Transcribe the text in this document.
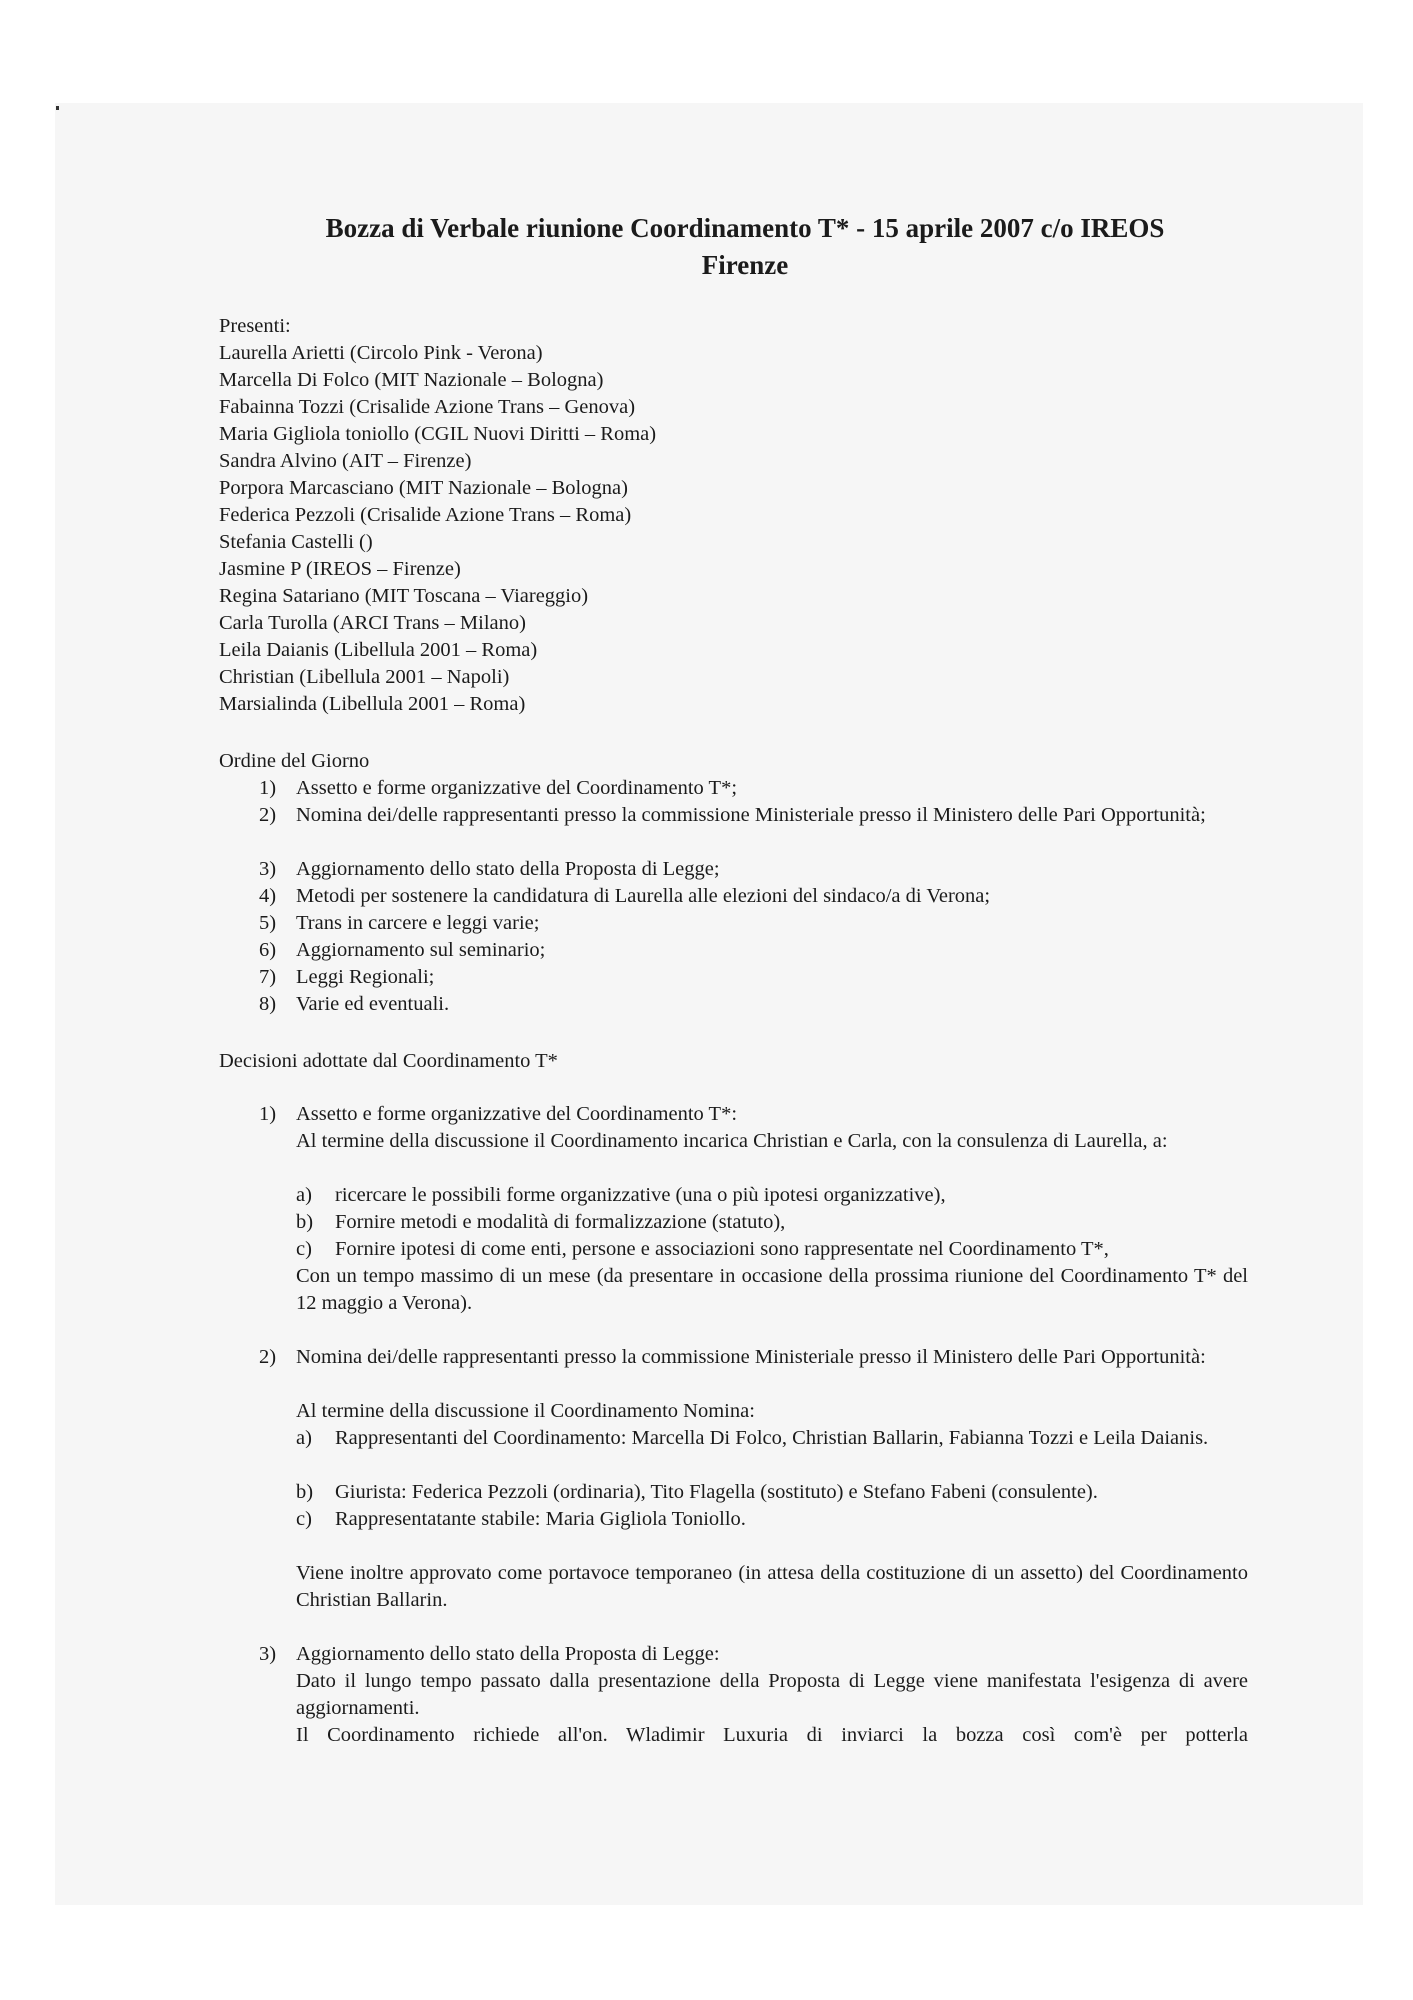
Bozza di Verbale riunione Coordinamento T* - 15 aprile 2007 c/o IREOS
Firenze

Presenti:

Laurella Arietti (Circolo Pink - Verona)

Marcella Di Folco (MIT Nazionale – Bologna)

Fabainna Tozzi (Crisalide Azione Trans – Genova)

Maria Gigliola toniollo (CGIL Nuovi Diritti – Roma)

Sandra Alvino (AIT – Firenze)

Porpora Marcasciano (MIT Nazionale – Bologna)

Federica Pezzoli (Crisalide Azione Trans – Roma)

Stefania Castelli ()

Jasmine P (IREOS – Firenze)

Regina Satariano (MIT Toscana – Viareggio)

Carla Turolla (ARCI Trans – Milano)

Leila Daianis (Libellula 2001 – Roma)

Christian (Libellula 2001 – Napoli)

Marsialinda (Libellula 2001 – Roma)

Ordine del Giorno

1) Assetto e forme organizzative del Coordinamento T*;

2) Nomina dei/delle rappresentanti presso la commissione Ministeriale presso il Ministero delle Pari Opportunità;

3) Aggiornamento dello stato della Proposta di Legge;

4) Metodi per sostenere la candidatura di Laurella alle elezioni del sindaco/a di Verona;

5) Trans in carcere e leggi varie;

6) Aggiornamento sul seminario;

7) Leggi Regionali;

8) Varie ed eventuali.

Decisioni adottate dal Coordinamento T*

1) Assetto e forme organizzative del Coordinamento T*:

Al termine della discussione il Coordinamento incarica Christian e Carla, con la consulenza di Laurella, a:

a) ricercare le possibili forme organizzative (una o più ipotesi organizzative),

b) Fornire metodi e modalità di formalizzazione (statuto),

c) Fornire ipotesi di come enti, persone e associazioni sono rappresentate nel Coordinamento T*,

Con un tempo massimo di un mese (da presentare in occasione della prossima riunione del Coordinamento T* del 12 maggio a Verona).

2) Nomina dei/delle rappresentanti presso la commissione Ministeriale presso il Ministero delle Pari Opportunità:

Al termine della discussione il Coordinamento Nomina:

a) Rappresentanti del Coordinamento: Marcella Di Folco, Christian Ballarin, Fabianna Tozzi e Leila Daianis.

b) Giurista: Federica Pezzoli (ordinaria), Tito Flagella (sostituto) e Stefano Fabeni (consulente).

c) Rappresentatante stabile: Maria Gigliola Toniollo.

Viene inoltre approvato come portavoce temporaneo (in attesa della costituzione di un assetto) del Coordinamento Christian Ballarin.

3) Aggiornamento dello stato della Proposta di Legge:

Dato il lungo tempo passato dalla presentazione della Proposta di Legge viene manifestata l'esigenza di avere aggiornamenti.

Il Coordinamento richiede all'on. Wladimir Luxuria di inviarci la bozza così com'è per potterla
